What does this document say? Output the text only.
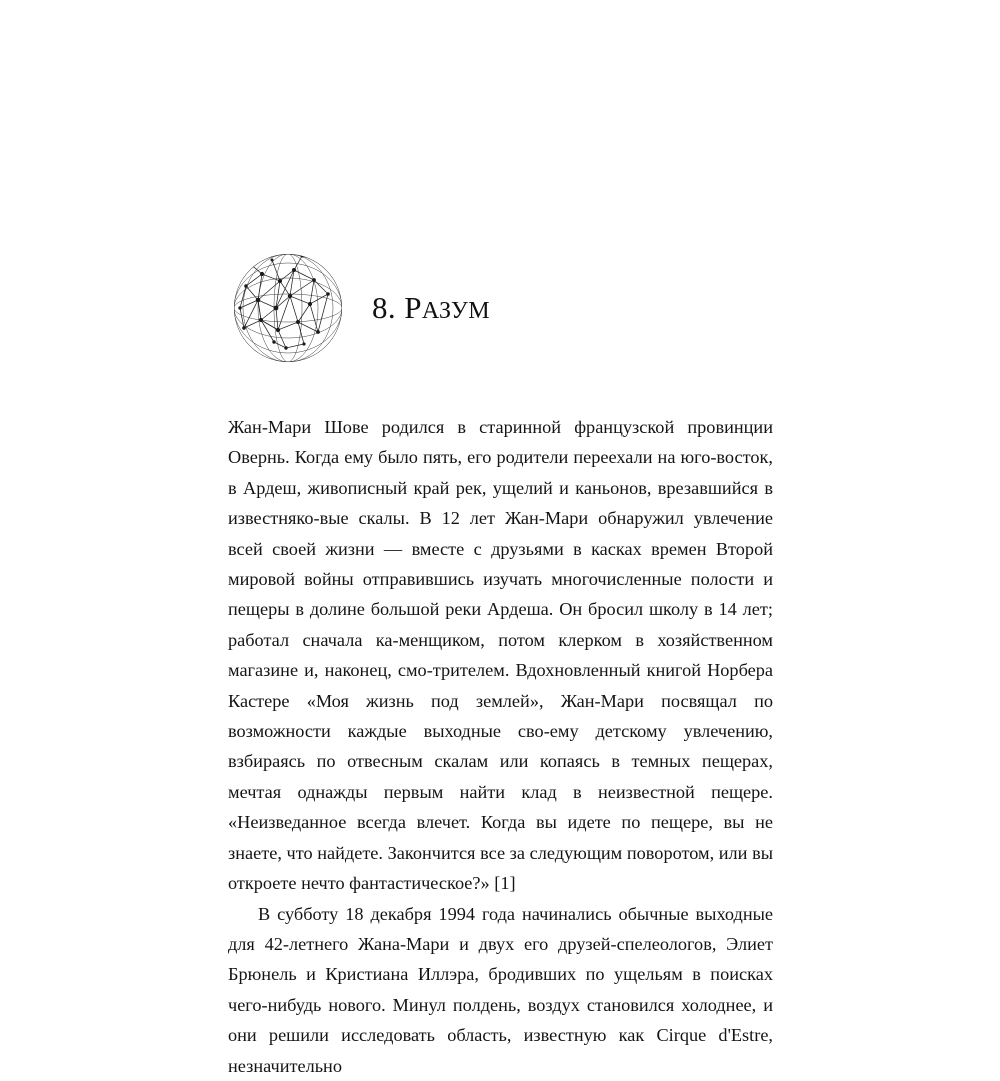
8. РАЗУМ

Жан-Мари Шове родился в старинной французской провинции Овернь. Когда ему было пять, его родители переехали на юго-восток, в Ардеш, живописный край рек, ущелий и каньонов, врезавшийся в известняко-вые скалы. В 12 лет Жан-Мари обнаружил увлечение всей своей жизни — вместе с друзьями в касках времен Второй мировой войны отправившись изучать многочисленные полости и пещеры в долине большой реки Ардеша. Он бросил школу в 14 лет; работал сначала ка-менщиком, потом клерком в хозяйственном магазине и, наконец, смо-трителем. Вдохновленный книгой Норбера Кастере «Моя жизнь под землей», Жан-Мари посвящал по возможности каждые выходные сво-ему детскому увлечению, взбираясь по отвесным скалам или копаясь в темных пещерах, мечтая однажды первым найти клад в неизвестной пещере. «Неизведанное всегда влечет. Когда вы идете по пещере, вы не знаете, что найдете. Закончится все за следующим поворотом, или вы откроете нечто фантастическое?» [1]

В субботу 18 декабря 1994 года начинались обычные выходные для 42-летнего Жана-Мари и двух его друзей-спелеологов, Элиет Брюнель и Кристиана Иллэра, бродивших по ущельям в поисках чего-нибудь нового. Минул полдень, воздух становился холоднее, и они решили исследовать область, известную как Cirque d'Estre, незначительно
